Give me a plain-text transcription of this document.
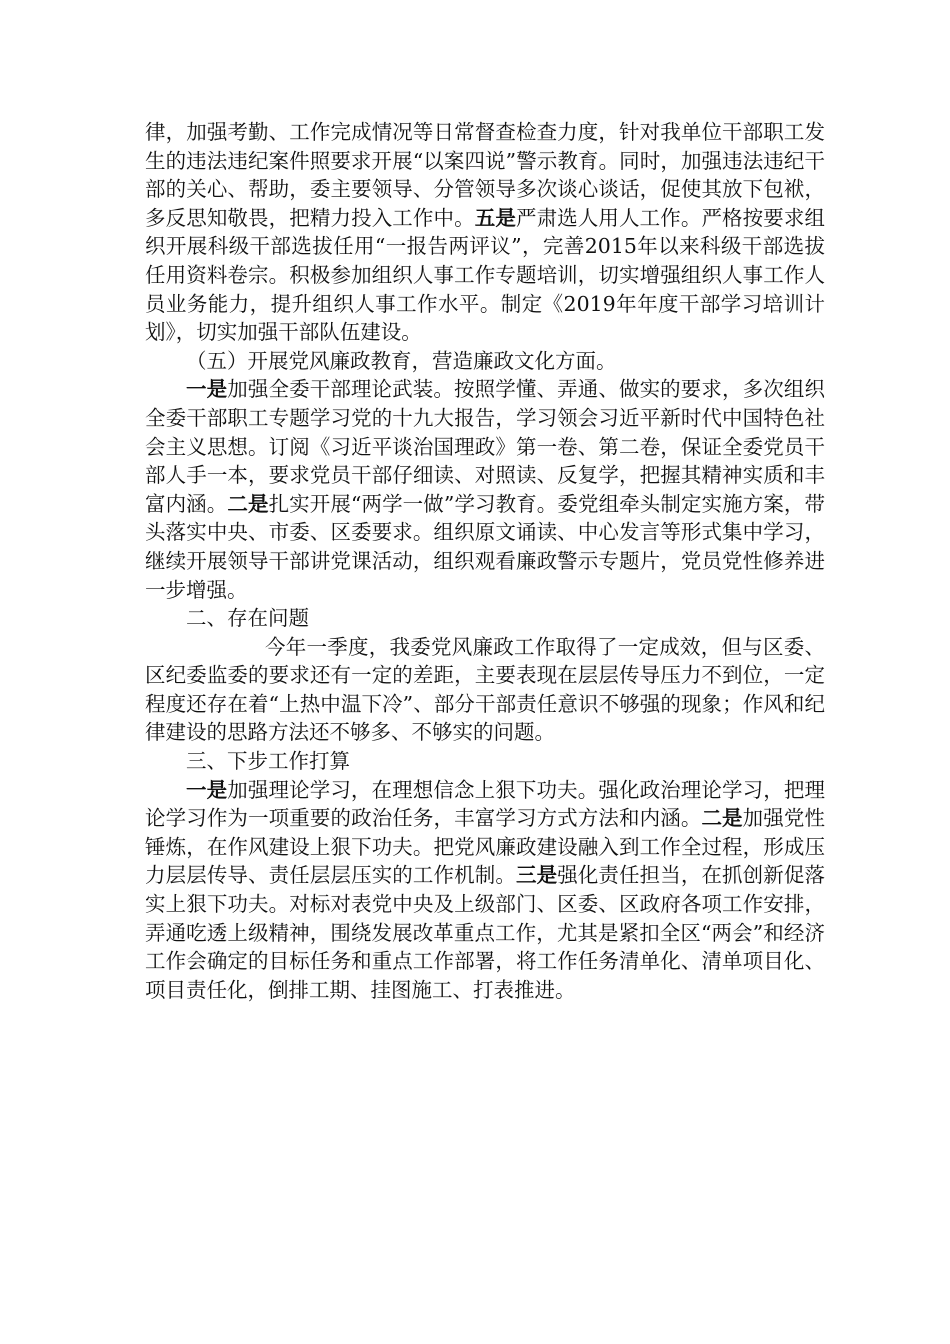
律，加强考勤、工作完成情况等日常督查检查力度，针对我单位干部职工发生的违法违纪案件照要求开展“以案四说”警示教育。同时，加强违法违纪干部的关心、帮助，委主要领导、分管领导多次谈心谈话，促使其放下包袱，多反思知敬畏，把精力投入工作中。五是严肃选人用人工作。严格按要求组织开展科级干部选拔任用“一报告两评议”，完善2015年以来科级干部选拔任用资料卷宗。积极参加组织人事工作专题培训，切实增强组织人事工作人员业务能力，提升组织人事工作水平。制定《2019年年度干部学习培训计划》，切实加强干部队伍建设。

（五）开展党风廉政教育，营造廉政文化方面。

一是加强全委干部理论武装。按照学懂、弄通、做实的要求，多次组织全委干部职工专题学习党的十九大报告，学习领会习近平新时代中国特色社会主义思想。订阅《习近平谈治国理政》第一卷、第二卷，保证全委党员干部人手一本，要求党员干部仔细读、对照读、反复学，把握其精神实质和丰富内涵。二是扎实开展“两学一做”学习教育。委党组牵头制定实施方案，带头落实中央、市委、区委要求。组织原文诵读、中心发言等形式集中学习，继续开展领导干部讲党课活动，组织观看廉政警示专题片，党员党性修养进一步增强。

二、存在问题

今年一季度，我委党风廉政工作取得了一定成效，但与区委、区纪委监委的要求还有一定的差距，主要表现在层层传导压力不到位，一定程度还存在着“上热中温下冷”、部分干部责任意识不够强的现象；作风和纪律建设的思路方法还不够多、不够实的问题。

三、下步工作打算

一是加强理论学习，在理想信念上狠下功夫。强化政治理论学习，把理论学习作为一项重要的政治任务，丰富学习方式方法和内涵。二是加强党性锤炼，在作风建设上狠下功夫。把党风廉政建设融入到工作全过程，形成压力层层传导、责任层层压实的工作机制。三是强化责任担当，在抓创新促落实上狠下功夫。对标对表党中央及上级部门、区委、区政府各项工作安排，弄通吃透上级精神，围绕发展改革重点工作，尤其是紧扣全区“两会”和经济工作会确定的目标任务和重点工作部署，将工作任务清单化、清单项目化、项目责任化，倒排工期、挂图施工、打表推进。
